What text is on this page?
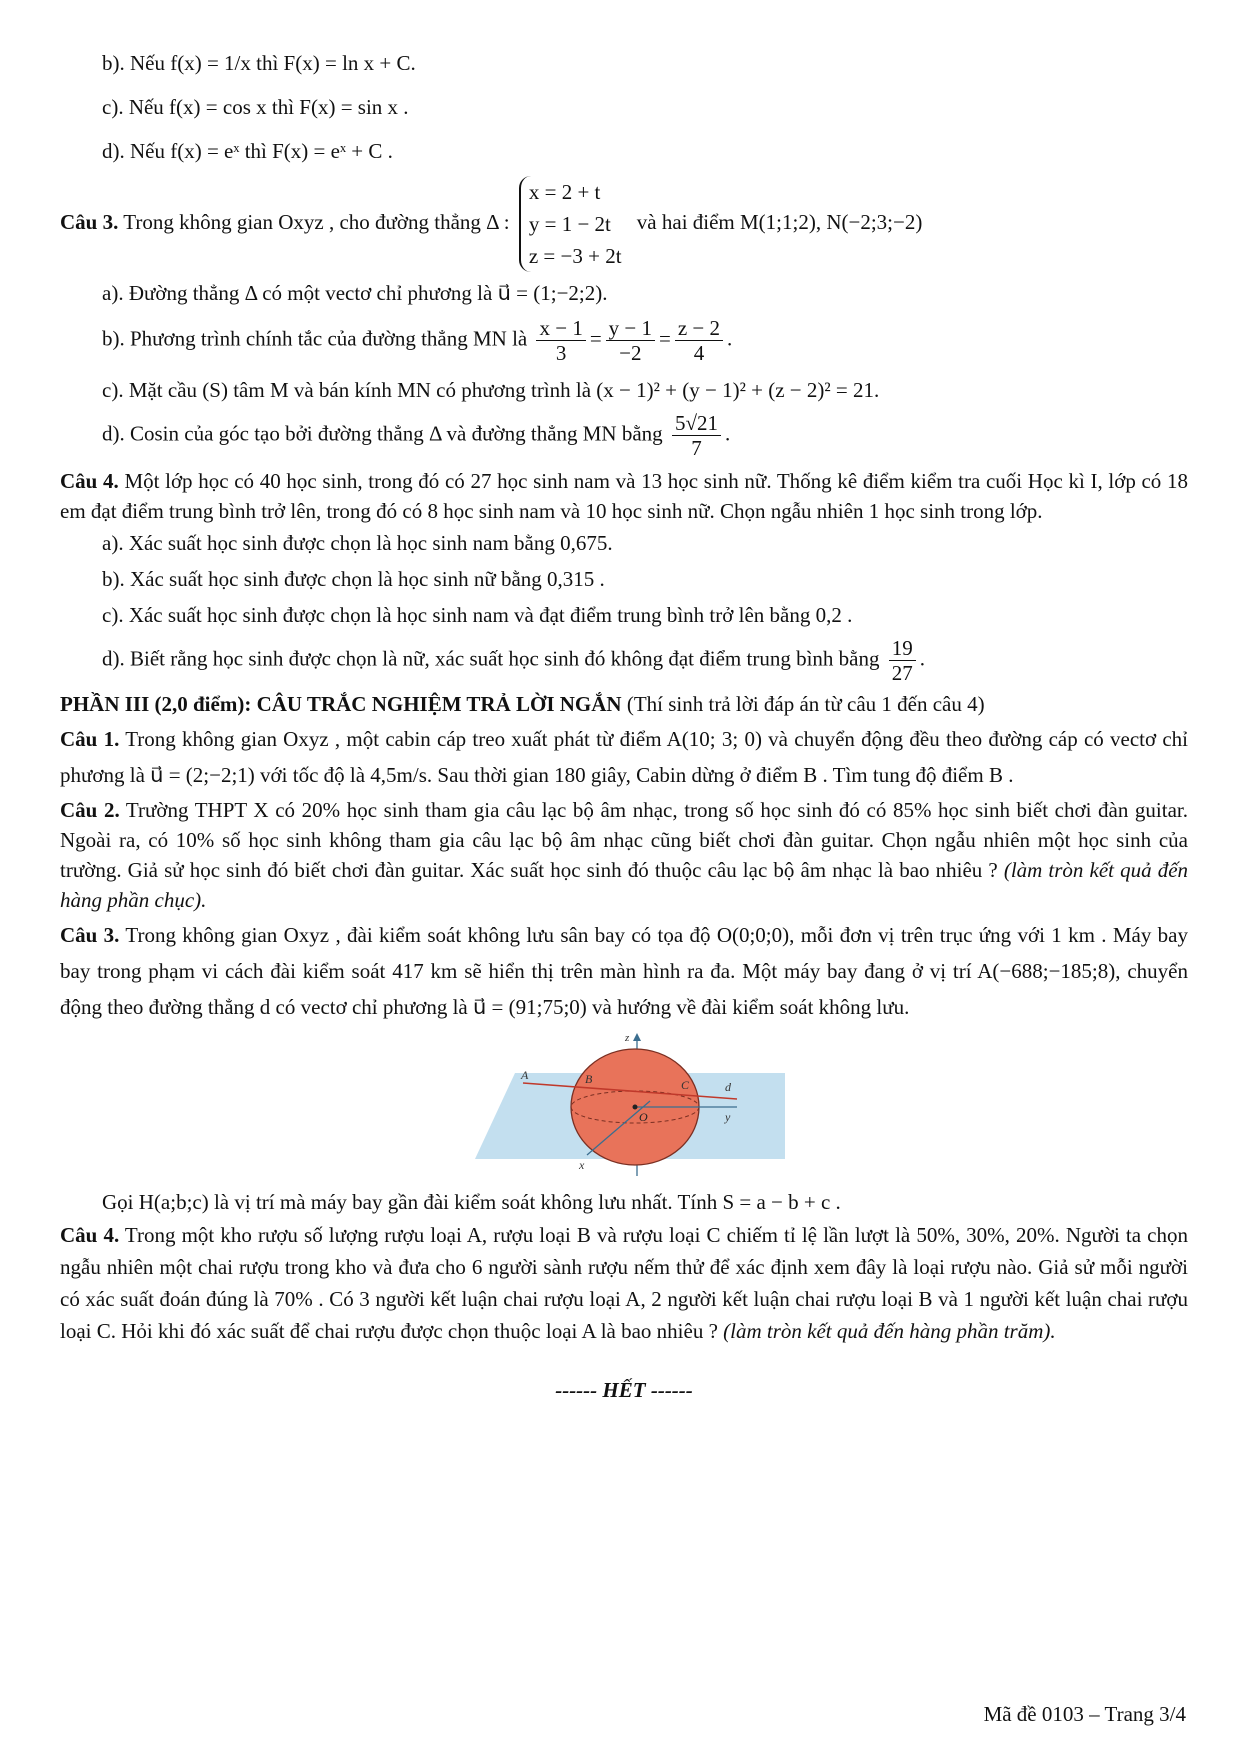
b). Nếu f(x) = 1/x thì F(x) = ln x + C.

c). Nếu f(x) = cos x thì F(x) = sin x .

d). Nếu f(x) = eˣ thì F(x) = eˣ + C .

Câu 3. Trong không gian Oxyz , cho đường thẳng Δ :
x = 2 + t
y = 1 − 2t
z = −3 + 2t
và hai điểm M(1;1;2), N(−2;3;−2)

a). Đường thẳng Δ có một vectơ chỉ phương là u⃗ = (1;−2;2).

b). Phương trình chính tắc của đường thẳng MN là $\frac{x - 1}{3} = \frac{y - 1}{-2} = \frac{z - 2}{4}$ .

c). Mặt cầu (S) tâm M và bán kính MN có phương trình là (x − 1)² + (y − 1)² + (z − 2)² = 21.

d). Cosin của góc tạo bởi đường thẳng Δ và đường thẳng MN bằng $\frac{5√21}{7}$ .

Câu 4. Một lớp học có 40 học sinh, trong đó có 27 học sinh nam và 13 học sinh nữ. Thống kê điểm kiểm tra cuối Học kì I, lớp có 18 em đạt điểm trung bình trở lên, trong đó có 8 học sinh nam và 10 học sinh nữ. Chọn ngẫu nhiên 1 học sinh trong lớp.

a). Xác suất học sinh được chọn là học sinh nam bằng 0,675.

b). Xác suất học sinh được chọn là học sinh nữ bằng 0,315 .

c). Xác suất học sinh được chọn là học sinh nam và đạt điểm trung bình trở lên bằng 0,2 .

d). Biết rằng học sinh được chọn là nữ, xác suất học sinh đó không đạt điểm trung bình bằng $\frac{19}{27}$ .

PHẦN III (2,0 điểm): CÂU TRẮC NGHIỆM TRẢ LỜI NGẮN (Thí sinh trả lời đáp án từ câu 1 đến câu 4)

Câu 1. Trong không gian Oxyz , một cabin cáp treo xuất phát từ điểm A(10; 3; 0) và chuyển động đều theo đường cáp có vectơ chỉ phương là u⃗ = (2;−2;1) với tốc độ là 4,5m/s. Sau thời gian 180 giây, Cabin dừng ở điểm B . Tìm tung độ điểm B .

Câu 2. Trường THPT X có 20% học sinh tham gia câu lạc bộ âm nhạc, trong số học sinh đó có 85% học sinh biết chơi đàn guitar. Ngoài ra, có 10% số học sinh không tham gia câu lạc bộ âm nhạc cũng biết chơi đàn guitar. Chọn ngẫu nhiên một học sinh của trường. Giả sử học sinh đó biết chơi đàn guitar. Xác suất học sinh đó thuộc câu lạc bộ âm nhạc là bao nhiêu ? (làm tròn kết quả đến hàng phần chục).

Câu 3. Trong không gian Oxyz , đài kiểm soát không lưu sân bay có tọa độ O(0;0;0), mỗi đơn vị trên trục ứng với 1 km . Máy bay bay trong phạm vi cách đài kiểm soát 417 km sẽ hiển thị trên màn hình ra đa. Một máy bay đang ở vị trí A(−688;−185;8), chuyển động theo đường thẳng d có vectơ chỉ phương là u⃗ = (91;75;0) và hướng về đài kiểm soát không lưu.

z
A	B	C	d
O	y
x

Gọi H(a;b;c) là vị trí mà máy bay gần đài kiểm soát không lưu nhất. Tính S = a − b + c .

Câu 4. Trong một kho rượu số lượng rượu loại A, rượu loại B và rượu loại C chiếm tỉ lệ lần lượt là 50%, 30%, 20%. Người ta chọn ngẫu nhiên một chai rượu trong kho và đưa cho 6 người sành rượu nếm thử để xác định xem đây là loại rượu nào. Giả sử mỗi người có xác suất đoán đúng là 70% . Có 3 người kết luận chai rượu loại A, 2 người kết luận chai rượu loại B và 1 người kết luận chai rượu loại C. Hỏi khi đó xác suất để chai rượu được chọn thuộc loại A là bao nhiêu ? (làm tròn kết quả đến hàng phần trăm).

------ HẾT ------

Mã đề 0103 – Trang 3/4
